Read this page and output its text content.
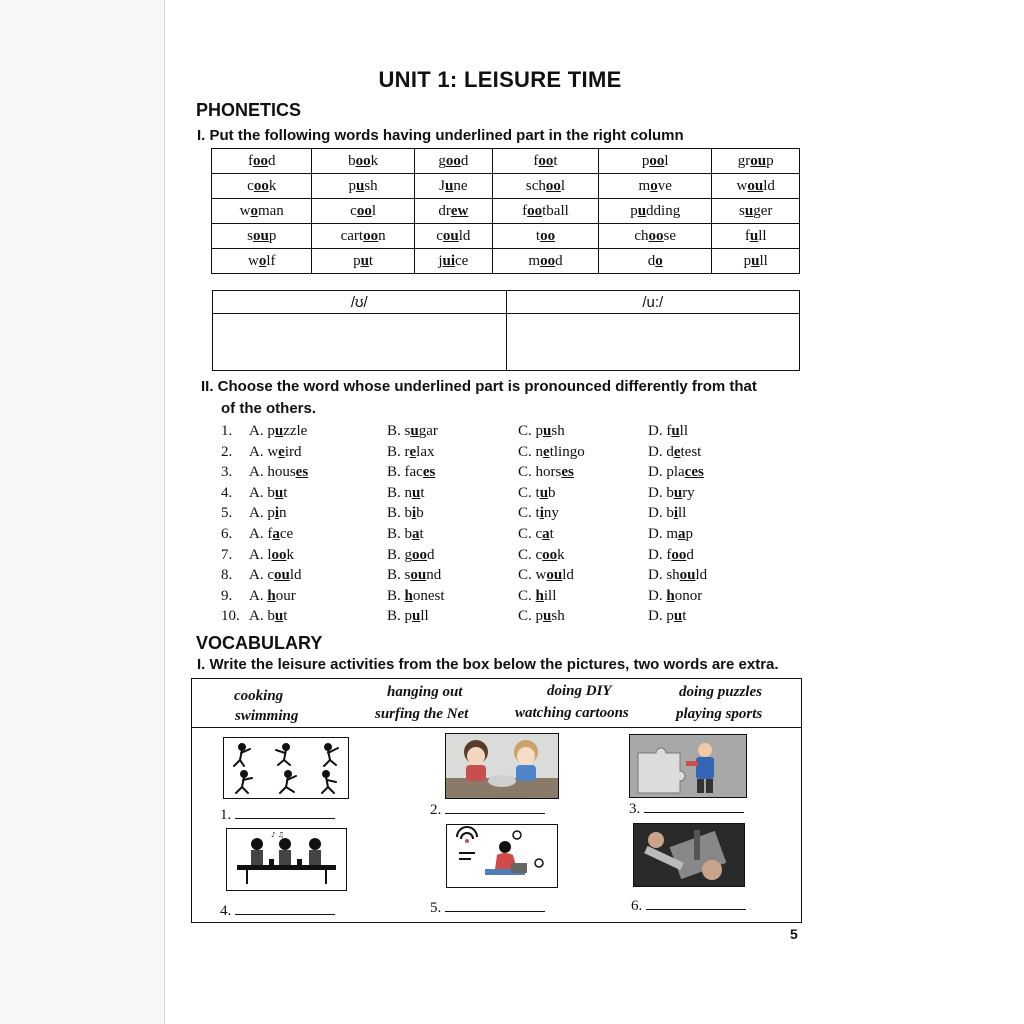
UNIT 1: LEISURE TIME
PHONETICS
I. Put the following words having underlined part in the right column
food	book	good	foot	pool	group
cook	push	June	school	move	would
woman	cool	drew	football	pudding	suger
soup	cartoon	could	too	choose	full
wolf	put	juice	mood	do	pull
/ʊ/	/u:/

II. Choose the word whose underlined part is pronounced differently from that
of the others.
1. A. puzzle	B. sugar	C. push	D. full
2. A. weird	B. relax	C. netlingo	D. detest
3. A. houses	B. faces	C. horses	D. places
4. A. but	B. nut	C. tub	D. bury
5. A. pin	B. bib	C. tiny	D. bill
6. A. face	B. bat	C. cat	D. map
7. A. look	B. good	C. cook	D. food
8. A. could	B. sound	C. would	D. should
9. A. hour	B. honest	C. hill	D. honor
10. A. but	B. pull	C. push	D. put
VOCABULARY
I. Write the leisure activities from the box below the pictures, two words are extra.
cooking	hanging out	doing DIY	doing puzzles
swimming	surfing the Net	watching cartoons	playing sports
1.	2.	3.
♪ ♫
4.	5.	6.
5
